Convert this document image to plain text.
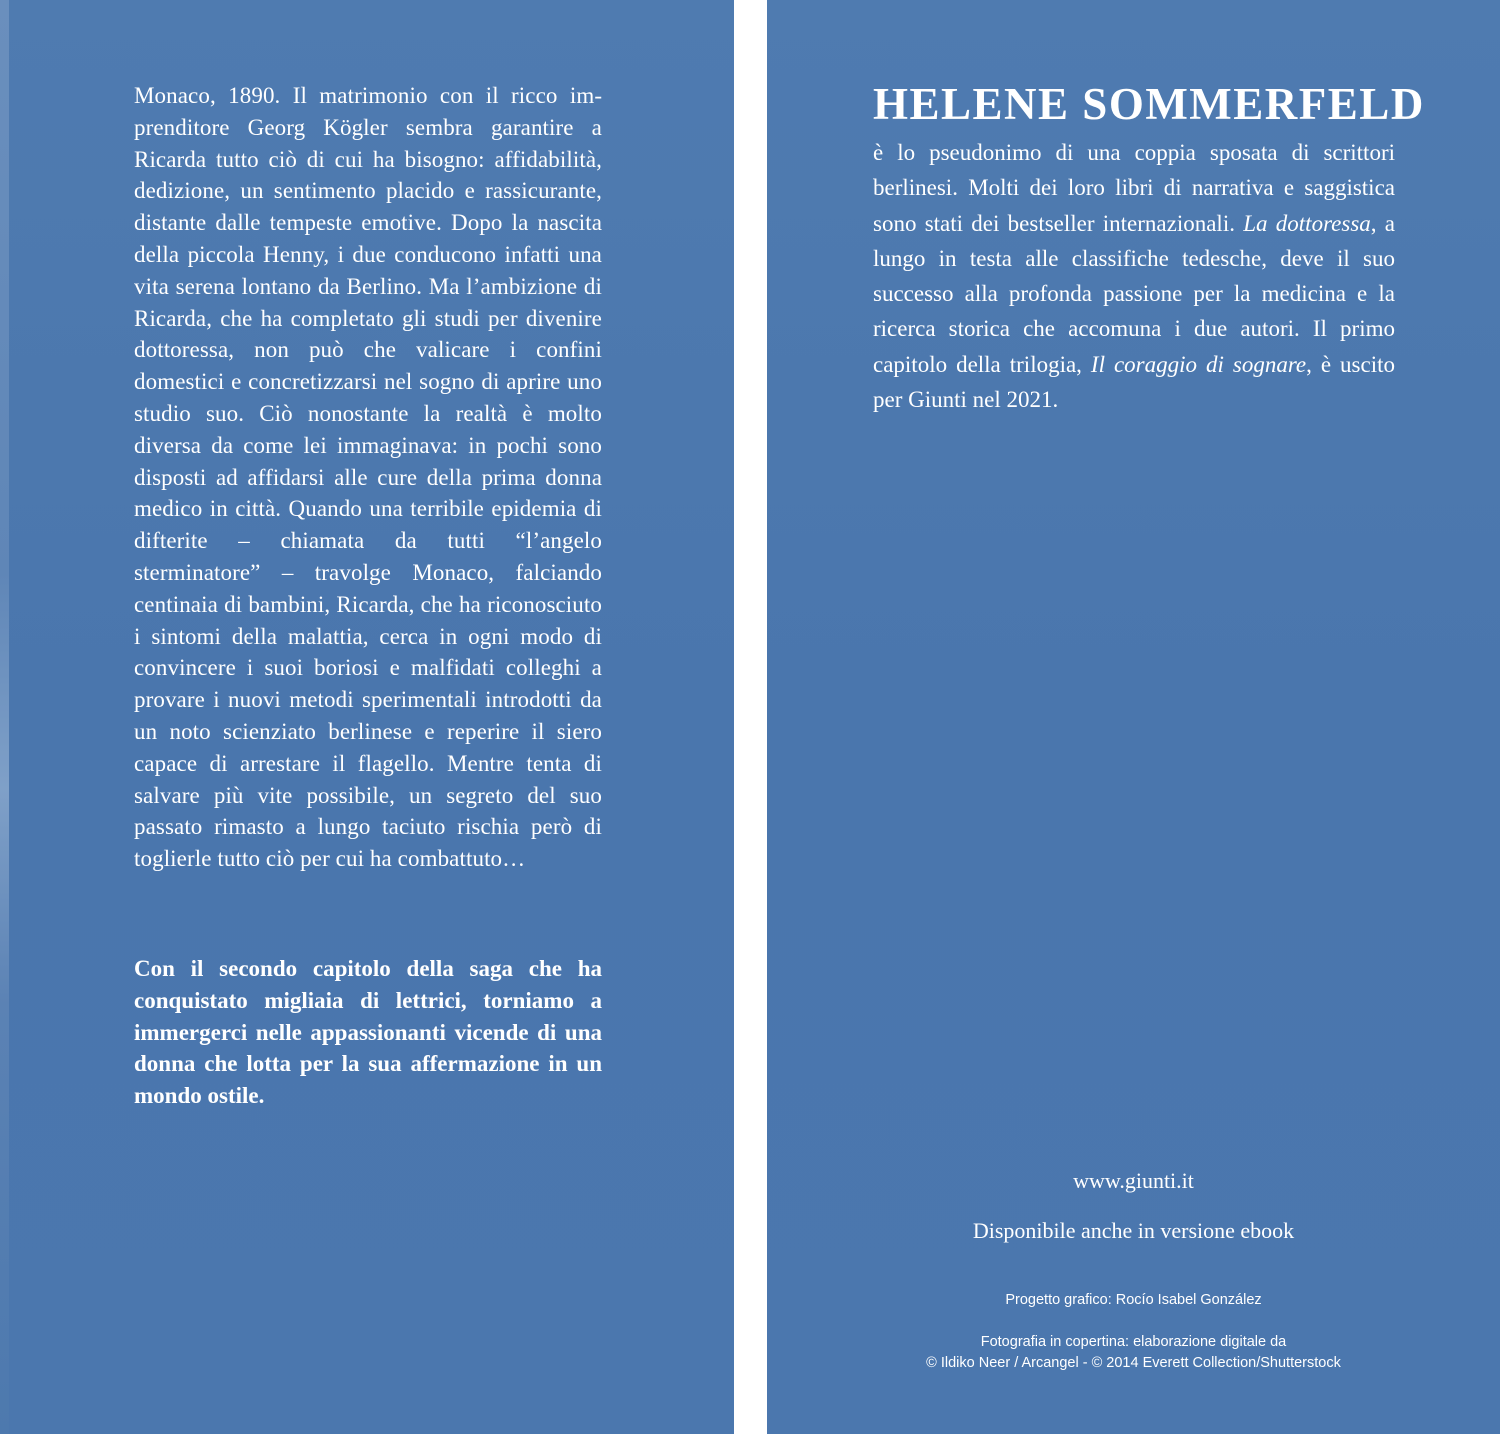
Monaco, 1890. Il matrimonio con il ricco imprenditore Georg Kögler sembra garantire a Ricarda tutto ciò di cui ha bisogno: affidabilità, dedizione, un sentimento placido e rassicurante, distante dalle tempeste emotive. Dopo la nascita della piccola Henny, i due conducono infatti una vita serena lontano da Berlino. Ma l’ambizione di Ricarda, che ha completato gli studi per divenire dottoressa, non può che valicare i confini domestici e concretizzarsi nel sogno di aprire uno studio suo. Ciò nonostante la realtà è molto diversa da come lei immaginava: in pochi sono disposti ad affidarsi alle cure della prima donna medico in città. Quando una terribile epidemia di difterite – chiamata da tutti “l’angelo sterminatore” – travolge Monaco, falciando centinaia di bambini, Ricarda, che ha riconosciuto i sintomi della malattia, cerca in ogni modo di convincere i suoi boriosi e malfidati colleghi a provare i nuovi metodi sperimentali introdotti da un noto scienziato berlinese e reperire il siero capace di arrestare il flagello. Mentre tenta di salvare più vite possibile, un segreto del suo passato rimasto a lungo taciuto rischia però di toglierle tutto ciò per cui ha combattuto…

Con il secondo capitolo della saga che ha conquistato migliaia di lettrici, torniamo a immergerci nelle appassionanti vicende di una donna che lotta per la sua affermazione in un mondo ostile.

HELENE SOMMERFELD

è lo pseudonimo di una coppia sposata di scrittori berlinesi. Molti dei loro libri di narrativa e saggistica sono stati dei bestseller internazionali. La dottoressa, a lungo in testa alle classifiche tedesche, deve il suo successo alla profonda passione per la medicina e la ricerca storica che accomuna i due autori. Il primo capitolo della trilogia, Il coraggio di sognare, è uscito per Giunti nel 2021.

www.giunti.it

Disponibile anche in versione ebook

Progetto grafico: Rocío Isabel González

Fotografia in copertina: elaborazione digitale da
© Ildiko Neer / Arcangel - © 2014 Everett Collection/Shutterstock
